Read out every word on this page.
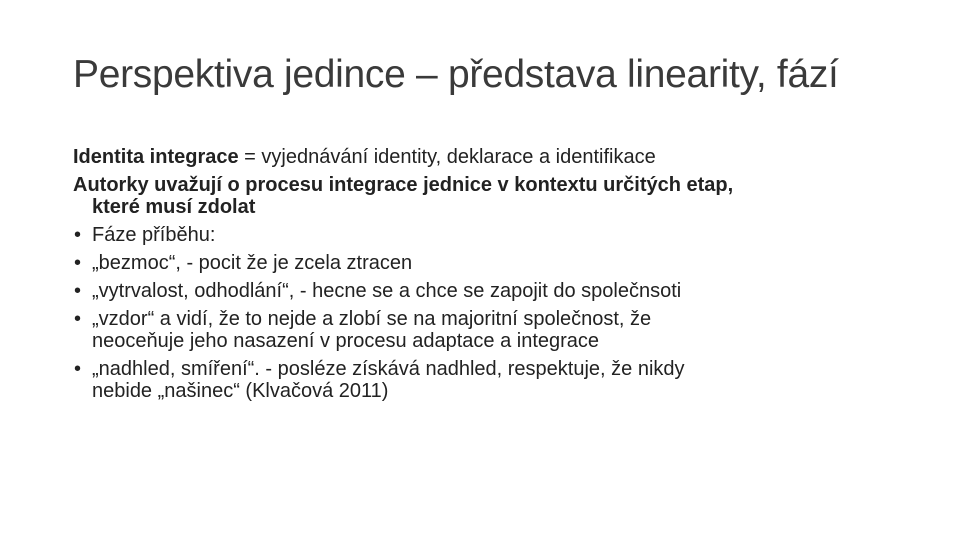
Perspektiva jedince – představa linearity, fází

Identita integrace = vyjednávání identity, deklarace a identifikace

Autorky uvažují o procesu integrace jednice v kontextu určitých etap,
které musí zdolat

• Fáze příběhu:
• „bezmoc“, - pocit že je zcela ztracen
• „vytrvalost, odhodlání“, - hecne se a chce se zapojit do společnsoti
• „vzdor“ a vidí, že to nejde a zlobí se na majoritní společnost, že
neoceňuje jeho nasazení v procesu adaptace a integrace
• „nadhled, smíření“. - posléze získává nadhled, respektuje, že nikdy
nebide „našinec“ (Klvačová 2011)
